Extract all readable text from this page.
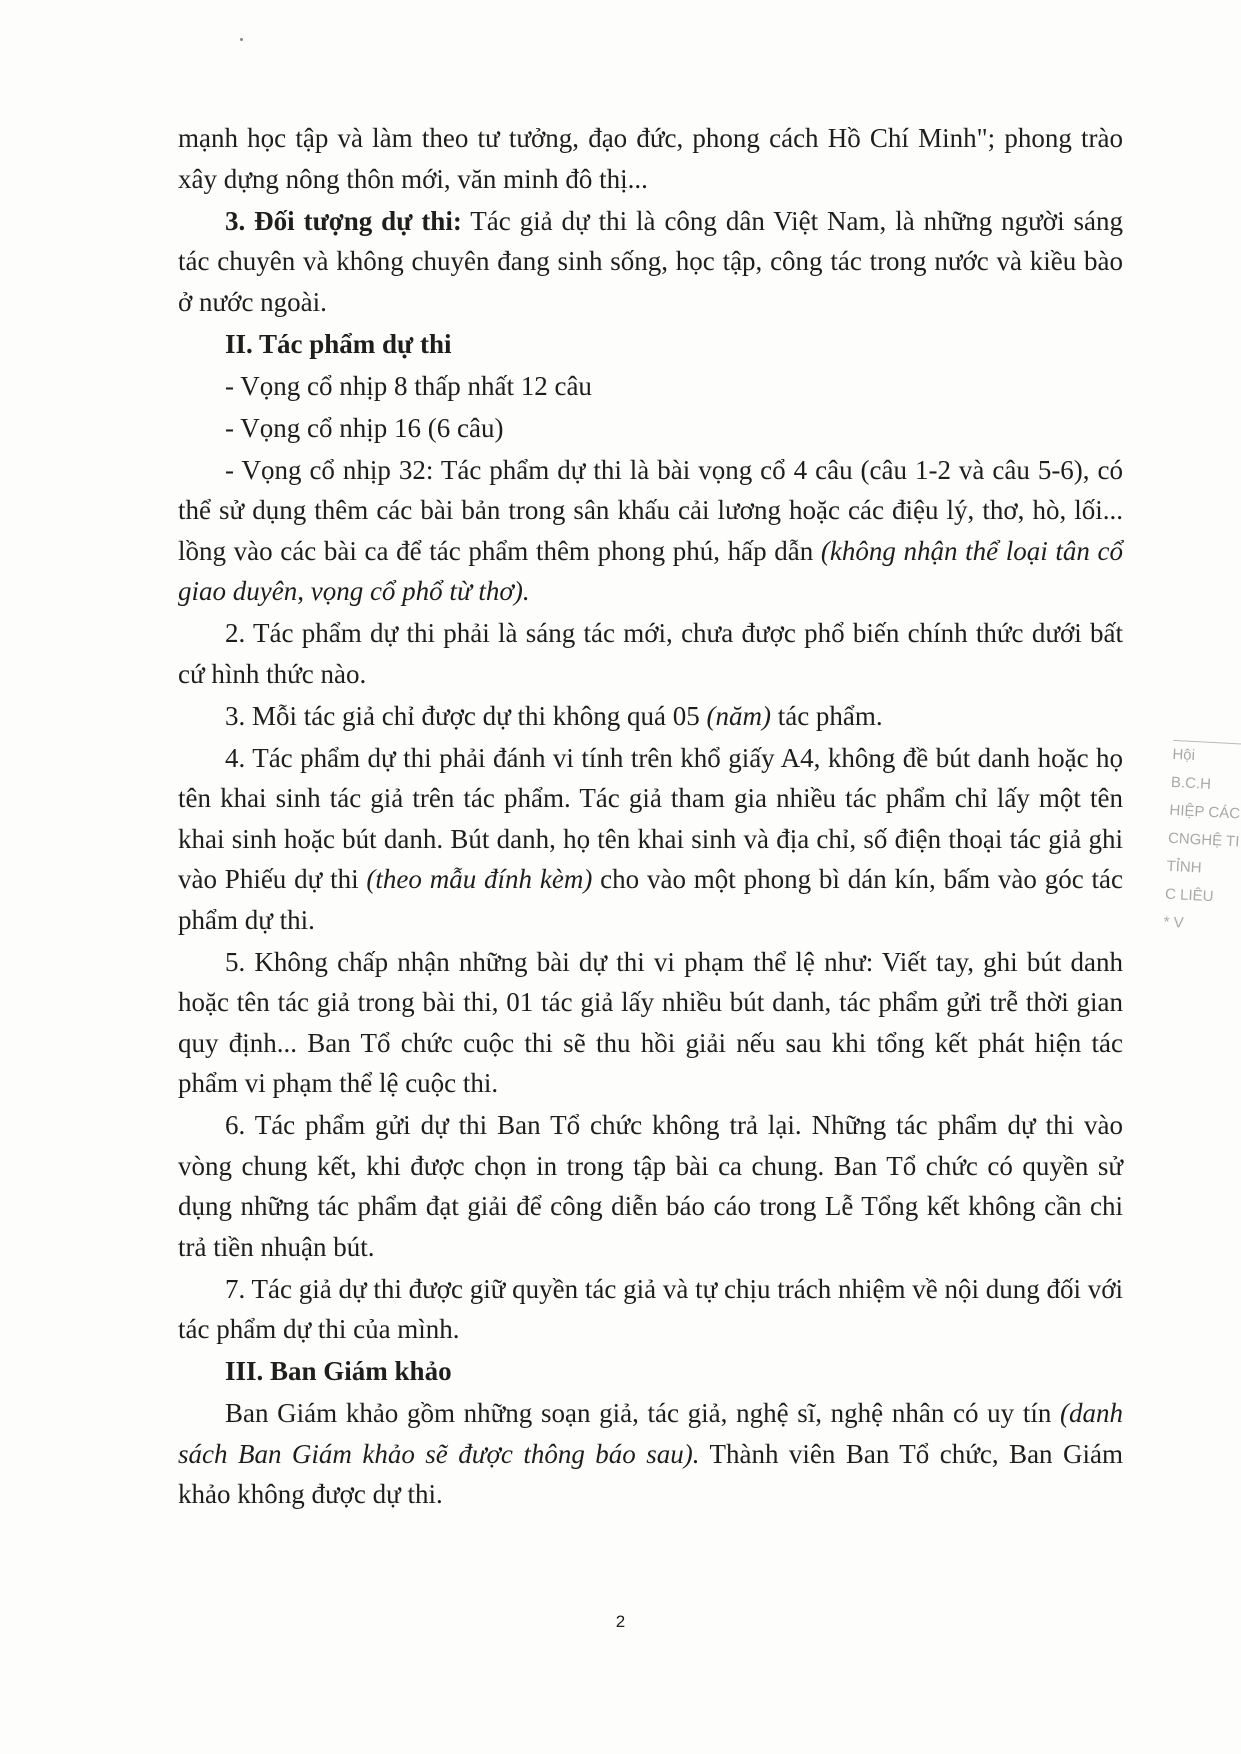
mạnh học tập và làm theo tư tưởng, đạo đức, phong cách Hồ Chí Minh"; phong trào xây dựng nông thôn mới, văn minh đô thị...

3. Đối tượng dự thi: Tác giả dự thi là công dân Việt Nam, là những người sáng tác chuyên và không chuyên đang sinh sống, học tập, công tác trong nước và kiều bào ở nước ngoài.

II. Tác phẩm dự thi

- Vọng cổ nhịp 8 thấp nhất 12 câu

- Vọng cổ nhịp 16 (6 câu)

- Vọng cổ nhịp 32: Tác phẩm dự thi là bài vọng cổ 4 câu (câu 1-2 và câu 5-6), có thể sử dụng thêm các bài bản trong sân khấu cải lương hoặc các điệu lý, thơ, hò, lối... lồng vào các bài ca để tác phẩm thêm phong phú, hấp dẫn (không nhận thể loại tân cổ giao duyên, vọng cổ phổ từ thơ).

2. Tác phẩm dự thi phải là sáng tác mới, chưa được phổ biến chính thức dưới bất cứ hình thức nào.

3. Mỗi tác giả chỉ được dự thi không quá 05 (năm) tác phẩm.

4. Tác phẩm dự thi phải đánh vi tính trên khổ giấy A4, không đề bút danh hoặc họ tên khai sinh tác giả trên tác phẩm. Tác giả tham gia nhiều tác phẩm chỉ lấy một tên khai sinh hoặc bút danh. Bút danh, họ tên khai sinh và địa chỉ, số điện thoại tác giả ghi vào Phiếu dự thi (theo mẫu đính kèm) cho vào một phong bì dán kín, bấm vào góc tác phẩm dự thi.

5. Không chấp nhận những bài dự thi vi phạm thể lệ như: Viết tay, ghi bút danh hoặc tên tác giả trong bài thi, 01 tác giả lấy nhiều bút danh, tác phẩm gửi trễ thời gian quy định... Ban Tổ chức cuộc thi sẽ thu hồi giải nếu sau khi tổng kết phát hiện tác phẩm vi phạm thể lệ cuộc thi.

6. Tác phẩm gửi dự thi Ban Tổ chức không trả lại. Những tác phẩm dự thi vào vòng chung kết, khi được chọn in trong tập bài ca chung. Ban Tổ chức có quyền sử dụng những tác phẩm đạt giải để công diễn báo cáo trong Lễ Tổng kết không cần chi trả tiền nhuận bút.

7. Tác giả dự thi được giữ quyền tác giả và tự chịu trách nhiệm về nội dung đối với tác phẩm dự thi của mình.

III. Ban Giám khảo

Ban Giám khảo gồm những soạn giả, tác giả, nghệ sĩ, nghệ nhân có uy tín (danh sách Ban Giám khảo sẽ được thông báo sau). Thành viên Ban Tổ chức, Ban Giám khảo không được dự thi.

2
Hội
B.C.H
HIỆP CÁC
CNGHỆ TI
TỈNH
C LIÊU
* V
